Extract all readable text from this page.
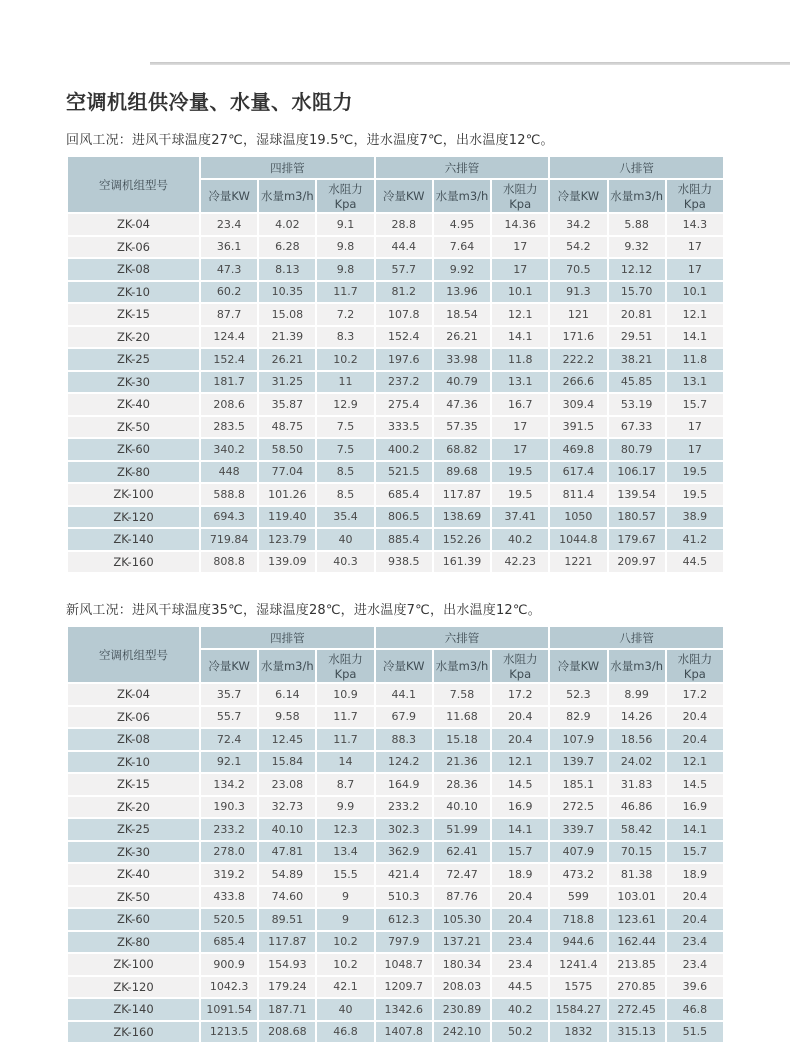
空调机组供冷量、水量、水阻力

回风工况：进风干球温度27℃，湿球温度19.5℃，进水温度7℃，出水温度12℃。

空调机组型号	四排管			六排管			八排管		
	冷量KW	水量m3/h	水阻力Kpa	冷量KW	水量m3/h	水阻力Kpa	冷量KW	水量m3/h	水阻力Kpa
ZK-04	23.4	4.02	9.1	28.8	4.95	14.36	34.2	5.88	14.3
ZK-06	36.1	6.28	9.8	44.4	7.64	17	54.2	9.32	17
ZK-08	47.3	8.13	9.8	57.7	9.92	17	70.5	12.12	17
ZK-10	60.2	10.35	11.7	81.2	13.96	10.1	91.3	15.70	10.1
ZK-15	87.7	15.08	7.2	107.8	18.54	12.1	121	20.81	12.1
ZK-20	124.4	21.39	8.3	152.4	26.21	14.1	171.6	29.51	14.1
ZK-25	152.4	26.21	10.2	197.6	33.98	11.8	222.2	38.21	11.8
ZK-30	181.7	31.25	11	237.2	40.79	13.1	266.6	45.85	13.1
ZK-40	208.6	35.87	12.9	275.4	47.36	16.7	309.4	53.19	15.7
ZK-50	283.5	48.75	7.5	333.5	57.35	17	391.5	67.33	17
ZK-60	340.2	58.50	7.5	400.2	68.82	17	469.8	80.79	17
ZK-80	448	77.04	8.5	521.5	89.68	19.5	617.4	106.17	19.5
ZK-100	588.8	101.26	8.5	685.4	117.87	19.5	811.4	139.54	19.5
ZK-120	694.3	119.40	35.4	806.5	138.69	37.41	1050	180.57	38.9
ZK-140	719.84	123.79	40	885.4	152.26	40.2	1044.8	179.67	41.2
ZK-160	808.8	139.09	40.3	938.5	161.39	42.23	1221	209.97	44.5

新风工况：进风干球温度35℃，湿球温度28℃，进水温度7℃，出水温度12℃。

空调机组型号	四排管			六排管			八排管		
	冷量KW	水量m3/h	水阻力Kpa	冷量KW	水量m3/h	水阻力Kpa	冷量KW	水量m3/h	水阻力Kpa
ZK-04	35.7	6.14	10.9	44.1	7.58	17.2	52.3	8.99	17.2
ZK-06	55.7	9.58	11.7	67.9	11.68	20.4	82.9	14.26	20.4
ZK-08	72.4	12.45	11.7	88.3	15.18	20.4	107.9	18.56	20.4
ZK-10	92.1	15.84	14	124.2	21.36	12.1	139.7	24.02	12.1
ZK-15	134.2	23.08	8.7	164.9	28.36	14.5	185.1	31.83	14.5
ZK-20	190.3	32.73	9.9	233.2	40.10	16.9	272.5	46.86	16.9
ZK-25	233.2	40.10	12.3	302.3	51.99	14.1	339.7	58.42	14.1
ZK-30	278.0	47.81	13.4	362.9	62.41	15.7	407.9	70.15	15.7
ZK-40	319.2	54.89	15.5	421.4	72.47	18.9	473.2	81.38	18.9
ZK-50	433.8	74.60	9	510.3	87.76	20.4	599	103.01	20.4
ZK-60	520.5	89.51	9	612.3	105.30	20.4	718.8	123.61	20.4
ZK-80	685.4	117.87	10.2	797.9	137.21	23.4	944.6	162.44	23.4
ZK-100	900.9	154.93	10.2	1048.7	180.34	23.4	1241.4	213.85	23.4
ZK-120	1042.3	179.24	42.1	1209.7	208.03	44.5	1575	270.85	39.6
ZK-140	1091.54	187.71	40	1342.6	230.89	40.2	1584.27	272.45	46.8
ZK-160	1213.5	208.68	46.8	1407.8	242.10	50.2	1832	315.13	51.5
